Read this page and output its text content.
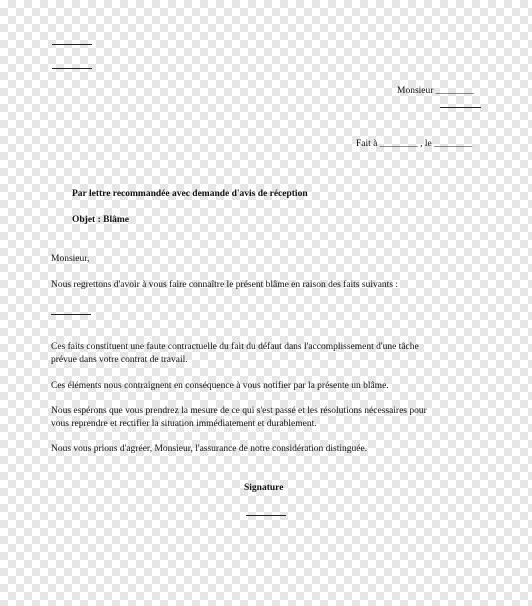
Monsieur ________
Fait à ________ , le ________
Par lettre recommandée avec demande d'avis de réception
Objet : Blâme
Monsieur,
Nous regrettons d'avoir à vous faire connaître le présent blâme en raison des faits suivants :
Ces faits constituent une faute contractuelle du fait du défaut dans l'accomplissement d'une tâche
prévue dans votre contrat de travail.
Ces éléments nous contraignent en conséquence à vous notifier par la présente un blâme.
Nous espérons que vous prendrez la mesure de ce qui s'est passé et les résolutions nécessaires pour
vous reprendre et rectifier la situation immédiatement et durablement.
Nous vous prions d'agréer, Monsieur, l'assurance de notre considération distinguée.
Signature
